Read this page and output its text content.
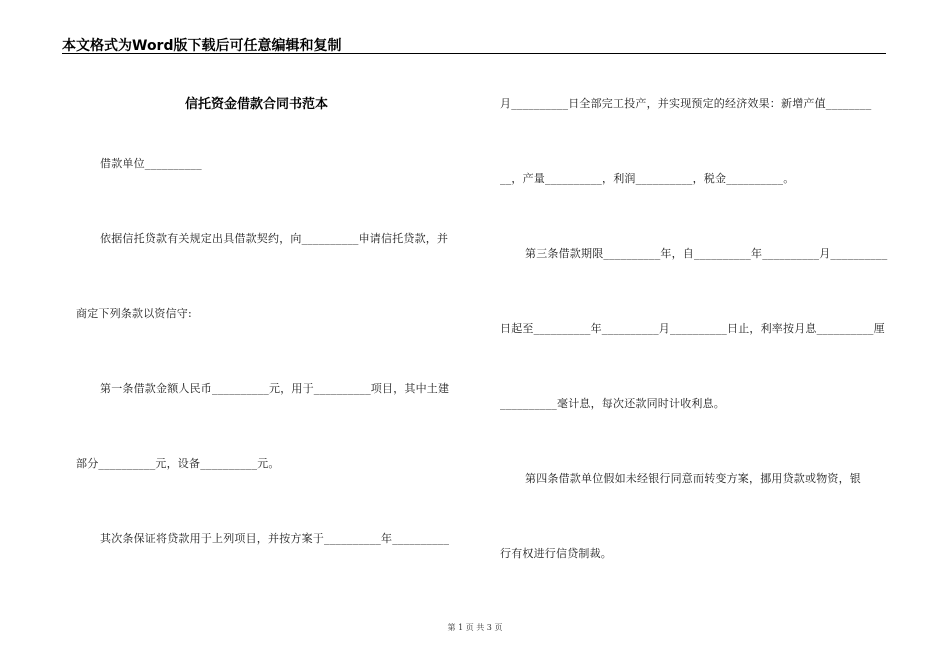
本文格式为Word版下载后可任意编辑和复制
信托资金借款合同书范本
借款单位__________
依据信托贷款有关规定出具借款契约，向__________申请信托贷款，并
商定下列条款以资信守:
第一条借款金额人民币__________元，用于__________项目，其中土建
部分__________元，设备__________元。
其次条保证将贷款用于上列项目，并按方案于__________年__________
月__________日全部完工投产，并实现预定的经济效果：新增产值________
__，产量__________，利润__________，税金__________。
第三条借款期限__________年，自__________年__________月__________
日起至__________年__________月__________日止，利率按月息__________厘
__________毫计息，每次还款同时计收利息。
第四条借款单位假如未经银行同意而转变方案，挪用贷款或物资，银
行有权进行信贷制裁。
第 1 页 共 3 页
